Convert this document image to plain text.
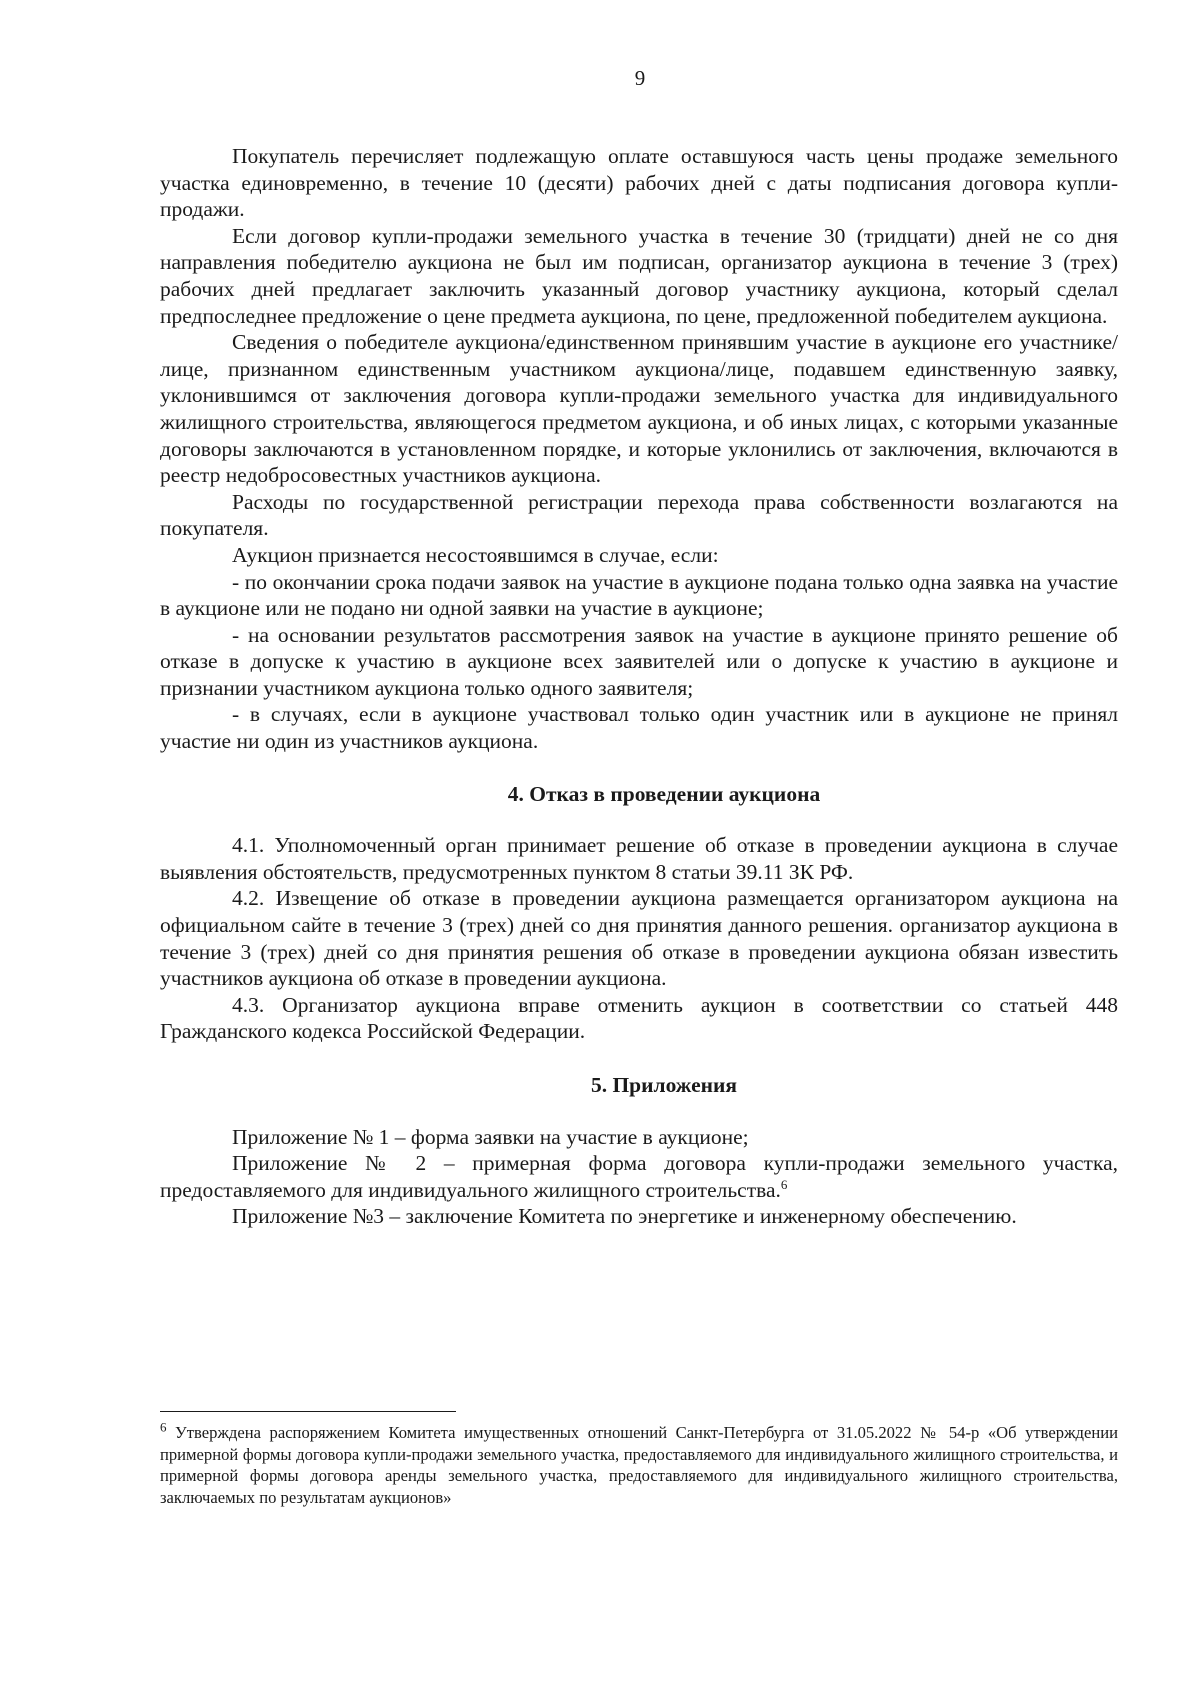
9

Покупатель перечисляет подлежащую оплате оставшуюся часть цены продаже земельного участка единовременно, в течение 10 (десяти) рабочих дней с даты подписания договора купли-продажи.

Если договор купли-продажи земельного участка в течение 30 (тридцати) дней не со дня направления победителю аукциона не был им подписан, организатор аукциона в течение 3 (трех) рабочих дней предлагает заключить указанный договор участнику аукциона, который сделал предпоследнее предложение о цене предмета аукциона, по цене, предложенной победителем аукциона.

Сведения о победителе аукциона/единственном принявшим участие в аукционе его участнике/лице, признанном единственным участником аукциона/лице, подавшем единственную заявку, уклонившимся от заключения договора купли-продажи земельного участка для индивидуального жилищного строительства, являющегося предметом аукциона, и об иных лицах, с которыми указанные договоры заключаются в установленном порядке, и которые уклонились от заключения, включаются в реестр недобросовестных участников аукциона.

Расходы по государственной регистрации перехода права собственности возлагаются на покупателя.

Аукцион признается несостоявшимся в случае, если:

- по окончании срока подачи заявок на участие в аукционе подана только одна заявка на участие в аукционе или не подано ни одной заявки на участие в аукционе;

- на основании результатов рассмотрения заявок на участие в аукционе принято решение об отказе в допуске к участию в аукционе всех заявителей или о допуске к участию в аукционе и признании участником аукциона только одного заявителя;

- в случаях, если в аукционе участвовал только один участник или в аукционе не принял участие ни один из участников аукциона.

4. Отказ в проведении аукциона

4.1. Уполномоченный орган принимает решение об отказе в проведении аукциона в случае выявления обстоятельств, предусмотренных пунктом 8 статьи 39.11 ЗК РФ.

4.2. Извещение об отказе в проведении аукциона размещается организатором аукциона на официальном сайте в течение 3 (трех) дней со дня принятия данного решения. организатор аукциона в течение 3 (трех) дней со дня принятия решения об отказе в проведении аукциона обязан известить участников аукциона об отказе в проведении аукциона.

4.3. Организатор аукциона вправе отменить аукцион в соответствии со статьей 448 Гражданского кодекса Российской Федерации.

5. Приложения

Приложение № 1 – форма заявки на участие в аукционе;

Приложение № 2 – примерная форма договора купли-продажи земельного участка, предоставляемого для индивидуального жилищного строительства.$^6$

Приложение №3 – заключение Комитета по энергетике и инженерному обеспечению.

$^6$ Утверждена распоряжением Комитета имущественных отношений Санкт-Петербурга от 31.05.2022 № 54-р «Об утверждении примерной формы договора купли-продажи земельного участка, предоставляемого для индивидуального жилищного строительства, и примерной формы договора аренды земельного участка, предоставляемого для индивидуального жилищного строительства, заключаемых по результатам аукционов»
